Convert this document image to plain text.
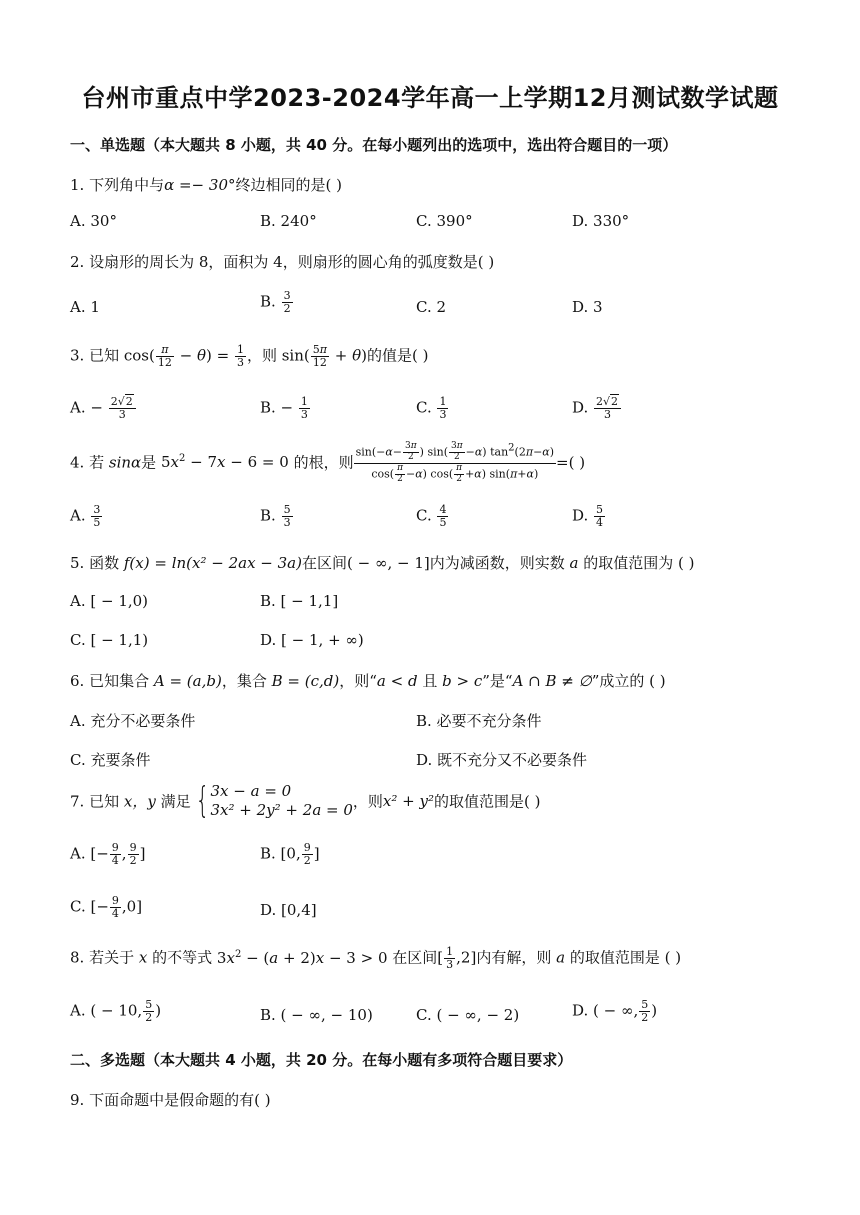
台州市重点中学2023-2024学年高一上学期12月测试数学试题
一、单选题（本大题共 8 小题，共 40 分。在每小题列出的选项中，选出符合题目的一项）
1. 下列角中与α =− 30°终边相同的是( )
A. 30°	B. 240°	C. 390°	D. 330°
2. 设扇形的周长为 8，面积为 4，则扇形的圆心角的弧度数是( )
A. 1	B. $\frac{3}{2}$	C. 2	D. 3
3. 已知 $\cos( \frac{\pi}{12} - \theta) = \frac{1}{3}$ ，则 $\sin( \frac{5\pi}{12} + \theta)$的值是( )
A. − $\frac{2√2}{3}$	B. − $\frac{1}{3}$	C. $\frac{1}{3}$	D. $\frac{2√2}{3}$
4. 若 sinα是 $5x^2 - 7x - 6 = 0$ 的根，则 $\frac{\sin(-\alpha- \frac{3\pi}{2} ) \sin( \frac{3\pi}{2} -\alpha) \tan^2(2\pi-\alpha)}{\cos( \frac{\pi}{2} -\alpha) \cos( \frac{\pi}{2} +\alpha) \sin(\pi+\alpha)}$ =( )
A. $\frac{3}{5}$	B. $\frac{5}{3}$	C. $\frac{4}{5}$	D. $\frac{5}{4}$
5. 函数 f(x) = ln(x² − 2ax − 3a)在区间( − ∞, − 1]内为减函数，则实数 a 的取值范围为 ( )
A. [ − 1,0)	B. [ − 1,1]
C. [ − 1,1)	D. [ − 1, + ∞)
6. 已知集合 A = (a,b)，集合 B = (c,d)，则“a < d 且 b > c”是“A ∩ B ≠ ∅”成立的 ( )
A. 充分不必要条件	B. 必要不充分条件
C. 充要条件	D. 既不充分又不必要条件
7. 已知 x，y 满足 { 3x − a = 0
3x² + 2y² + 2a = 0 ，则x² + y²的取值范围是( )
A. [− $\frac{9}{4}$ , $\frac{9}{2}$ ]	B. [0, $\frac{9}{2}$ ]
C. [− $\frac{9}{4} ,0$]	D. [0,4]
8. 若关于 x 的不等式 $3x^2 - (a + 2)x - 3 > 0$ 在区间[ $\frac{1}{3} ,2$]内有解，则 a 的取值范围是 ( )
A. ( − 10, $\frac{5}{2}$ )	B. ( − ∞, − 10)	C. ( − ∞, − 2)	D. ( − ∞, $\frac{5}{2}$ )
二、多选题（本大题共 4 小题，共 20 分。在每小题有多项符合题目要求）
9. 下面命题中是假命题的有( )
